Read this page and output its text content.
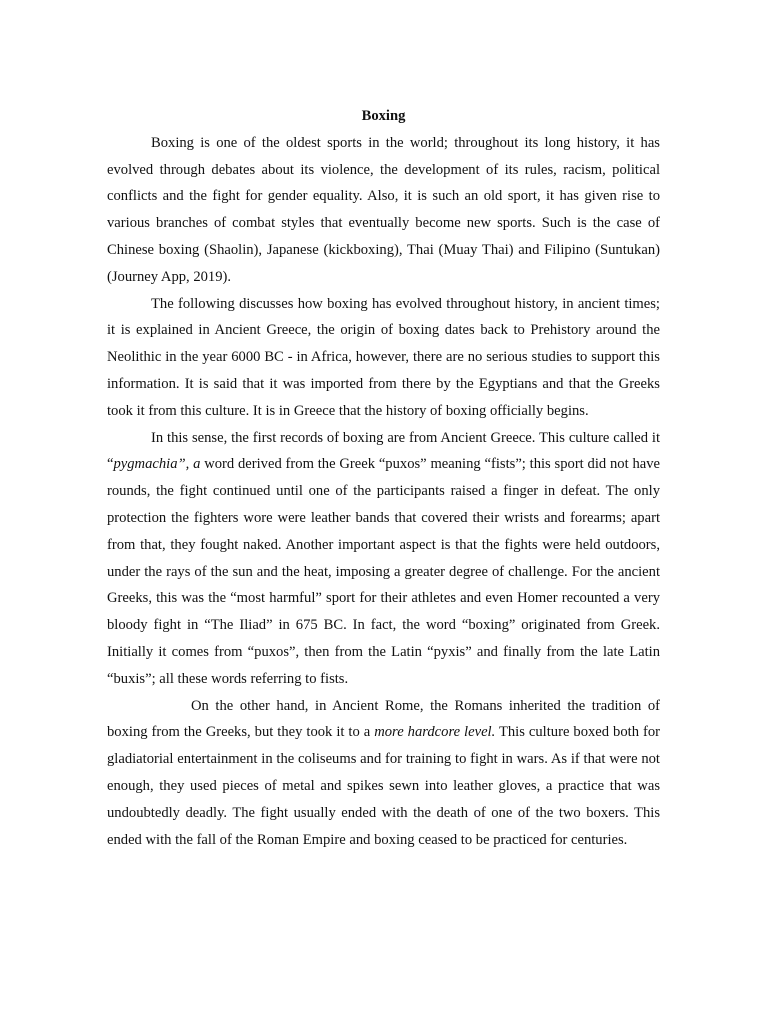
Boxing

Boxing is one of the oldest sports in the world; throughout its long history, it has evolved through debates about its violence, the development of its rules, racism, political conflicts and the fight for gender equality. Also, it is such an old sport, it has given rise to various branches of combat styles that eventually become new sports. Such is the case of Chinese boxing (Shaolin), Japanese (kickboxing), Thai (Muay Thai) and Filipino (Suntukan) (Journey App, 2019).

The following discusses how boxing has evolved throughout history, in ancient times; it is explained in Ancient Greece, the origin of boxing dates back to Prehistory around the Neolithic in the year 6000 BC - in Africa, however, there are no serious studies to support this information. It is said that it was imported from there by the Egyptians and that the Greeks took it from this culture. It is in Greece that the history of boxing officially begins.

In this sense, the first records of boxing are from Ancient Greece. This culture called it “pygmachia”, a word derived from the Greek “puxos” meaning “fists”; this sport did not have rounds, the fight continued until one of the participants raised a finger in defeat. The only protection the fighters wore were leather bands that covered their wrists and forearms; apart from that, they fought naked. Another important aspect is that the fights were held outdoors, under the rays of the sun and the heat, imposing a greater degree of challenge. For the ancient Greeks, this was the “most harmful” sport for their athletes and even Homer recounted a very bloody fight in “The Iliad” in 675 BC. In fact, the word “boxing” originated from Greek. Initially it comes from “puxos”, then from the Latin “pyxis” and finally from the late Latin “buxis”; all these words referring to fists.

On the other hand, in Ancient Rome, the Romans inherited the tradition of boxing from the Greeks, but they took it to a more hardcore level. This culture boxed both for gladiatorial entertainment in the coliseums and for training to fight in wars. As if that were not enough, they used pieces of metal and spikes sewn into leather gloves, a practice that was undoubtedly deadly. The fight usually ended with the death of one of the two boxers. This ended with the fall of the Roman Empire and boxing ceased to be practiced for centuries.
